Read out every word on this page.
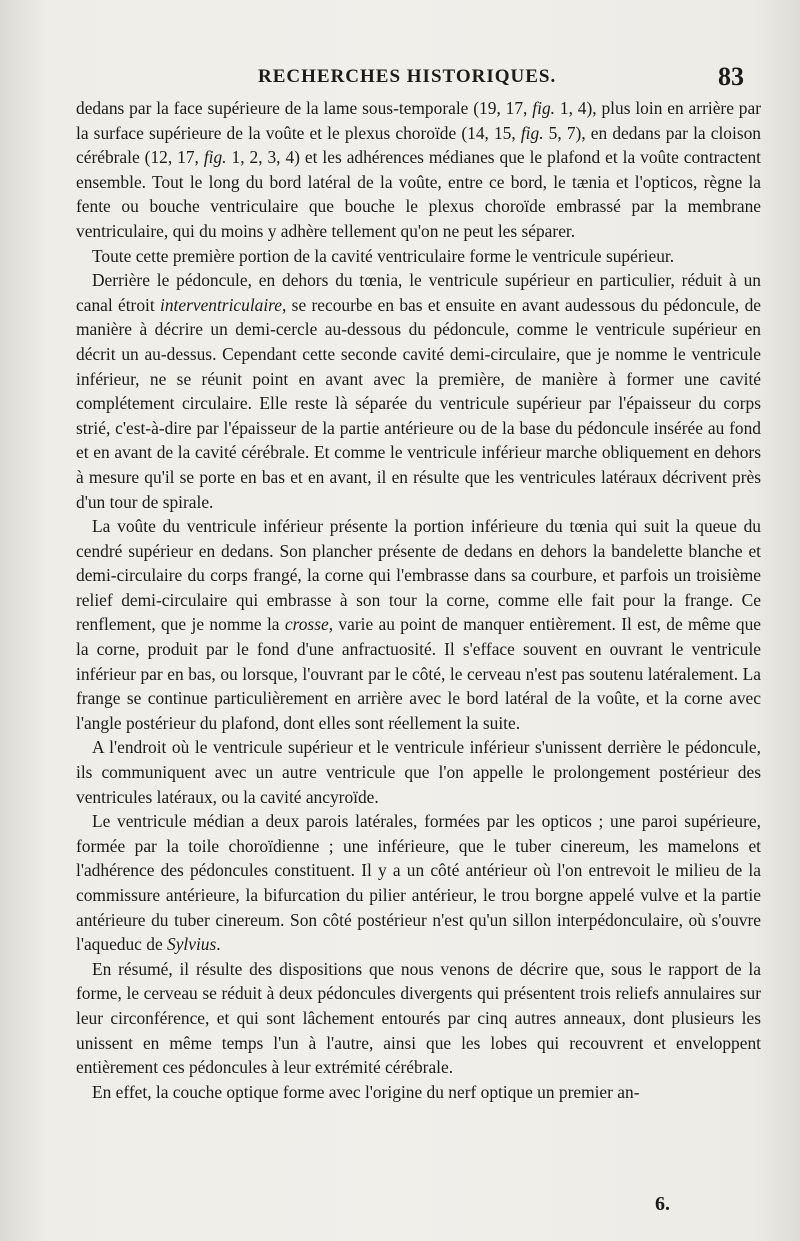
RECHERCHES HISTORIQUES.	83

dedans par la face supérieure de la lame sous-temporale (19, 17, fig. 1, 4), plus loin en arrière par la surface supérieure de la voûte et le plexus choroïde (14, 15, fig. 5, 7), en dedans par la cloison cérébrale (12, 17, fig. 1, 2, 3, 4) et les adhérences médianes que le plafond et la voûte contractent ensemble. Tout le long du bord latéral de la voûte, entre ce bord, le tænia et l'opticos, règne la fente ou bouche ventriculaire que bouche le plexus choroïde embrassé par la membrane ventriculaire, qui du moins y adhère tellement qu'on ne peut les séparer.

Toute cette première portion de la cavité ventriculaire forme le ventricule supérieur.

Derrière le pédoncule, en dehors du tœnia, le ventricule supérieur en particulier, réduit à un canal étroit interventriculaire, se recourbe en bas et ensuite en avant audessous du pédoncule, de manière à décrire un demi-cercle au-dessous du pédoncule, comme le ventricule supérieur en décrit un au-dessus. Cependant cette seconde cavité demi-circulaire, que je nomme le ventricule inférieur, ne se réunit point en avant avec la première, de manière à former une cavité complétement circulaire. Elle reste là séparée du ventricule supérieur par l'épaisseur du corps strié, c'est-à-dire par l'épaisseur de la partie antérieure ou de la base du pédoncule insérée au fond et en avant de la cavité cérébrale. Et comme le ventricule inférieur marche obliquement en dehors à mesure qu'il se porte en bas et en avant, il en résulte que les ventricules latéraux décrivent près d'un tour de spirale.

La voûte du ventricule inférieur présente la portion inférieure du tœnia qui suit la queue du cendré supérieur en dedans. Son plancher présente de dedans en dehors la bandelette blanche et demi-circulaire du corps frangé, la corne qui l'embrasse dans sa courbure, et parfois un troisième relief demi-circulaire qui embrasse à son tour la corne, comme elle fait pour la frange. Ce renflement, que je nomme la crosse, varie au point de manquer entièrement. Il est, de même que la corne, produit par le fond d'une anfractuosité. Il s'efface souvent en ouvrant le ventricule inférieur par en bas, ou lorsque, l'ouvrant par le côté, le cerveau n'est pas soutenu latéralement. La frange se continue particulièrement en arrière avec le bord latéral de la voûte, et la corne avec l'angle postérieur du plafond, dont elles sont réellement la suite.

A l'endroit où le ventricule supérieur et le ventricule inférieur s'unissent derrière le pédoncule, ils communiquent avec un autre ventricule que l'on appelle le prolongement postérieur des ventricules latéraux, ou la cavité ancyroïde.

Le ventricule médian a deux parois latérales, formées par les opticos ; une paroi supérieure, formée par la toile choroïdienne ; une inférieure, que le tuber cinereum, les mamelons et l'adhérence des pédoncules constituent. Il y a un côté antérieur où l'on entrevoit le milieu de la commissure antérieure, la bifurcation du pilier antérieur, le trou borgne appelé vulve et la partie antérieure du tuber cinereum. Son côté postérieur n'est qu'un sillon interpédonculaire, où s'ouvre l'aqueduc de Sylvius.

En résumé, il résulte des dispositions que nous venons de décrire que, sous le rapport de la forme, le cerveau se réduit à deux pédoncules divergents qui présentent trois reliefs annulaires sur leur circonférence, et qui sont lâchement entourés par cinq autres anneaux, dont plusieurs les unissent en même temps l'un à l'autre, ainsi que les lobes qui recouvrent et enveloppent entièrement ces pédoncules à leur extrémité cérébrale.

En effet, la couche optique forme avec l'origine du nerf optique un premier an-

6.
